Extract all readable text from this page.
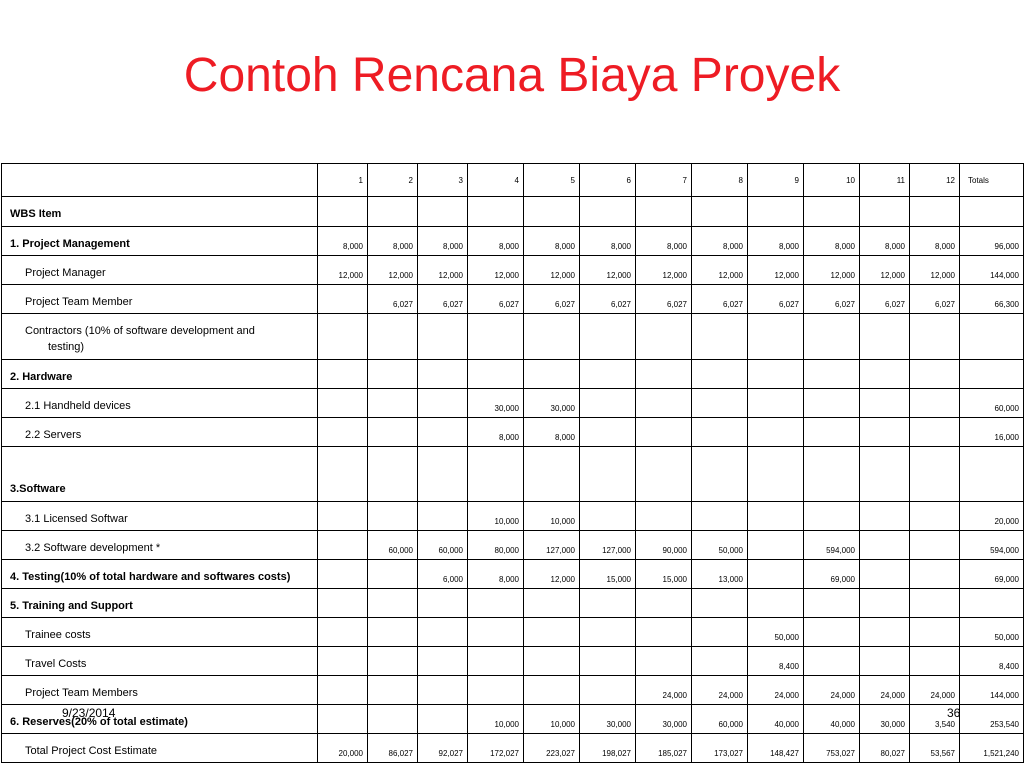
Contoh Rencana Biaya Proyek
	1	2	3	4	5	6	7	8	9	10	11	12	Totals
WBS Item													
1. Project Management	8,000	8,000	8,000	8,000	8,000	8,000	8,000	8,000	8,000	8,000	8,000	8,000	96,000
Project Manager	12,000	12,000	12,000	12,000	12,000	12,000	12,000	12,000	12,000	12,000	12,000	12,000	144,000
Project Team Member		6,027	6,027	6,027	6,027	6,027	6,027	6,027	6,027	6,027	6,027	6,027	66,300
Contractors (10% of software development and
testing)													

2. Hardware													
2.1 Handheld devices				30,000	30,000								60,000
2.2 Servers				8,000	8,000								16,000
3.Software													
3.1 Licensed Softwar				10,000	10,000								20,000
3.2 Software development *		60,000	60,000	80,000	127,000	127,000	90,000	50,000		594,000			594,000
4. Testing(10% of total hardware and softwares costs)			6,000	8,000	12,000	15,000	15,000	13,000		69,000			69,000
5. Training and Support													
Trainee costs									50,000				50,000
Travel Costs									8,400				8,400
Project Team Members							24,000	24,000	24,000	24,000	24,000	24,000	144,000
6. Reserves(20% of total estimate)				10,000	10,000	30,000	30,000	60,000	40,000	40,000	30,000	3,540	253,540
Total Project Cost Estimate	20,000	86,027	92,027	172,027	223,027	198,027	185,027	173,027	148,427	753,027	80,027	53,567	1,521,240
9/23/2014	36
